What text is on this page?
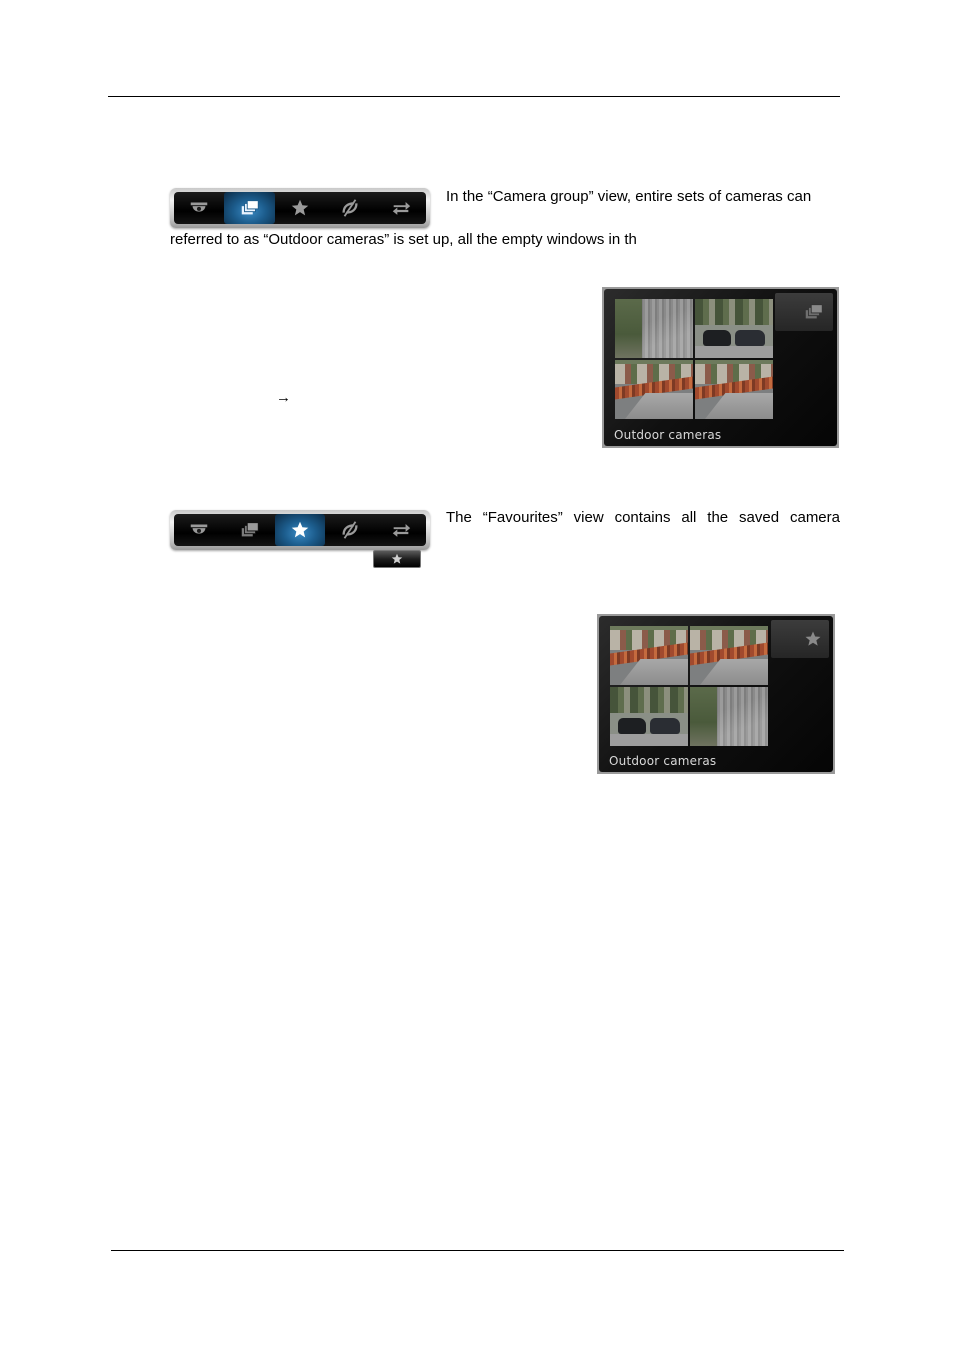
In the “Camera group” view, entire sets of cameras can
referred to as “Outdoor cameras” is set up, all the empty windows in th
→
Outdoor cameras
The “Favourites” view contains all the saved camera
Outdoor cameras
